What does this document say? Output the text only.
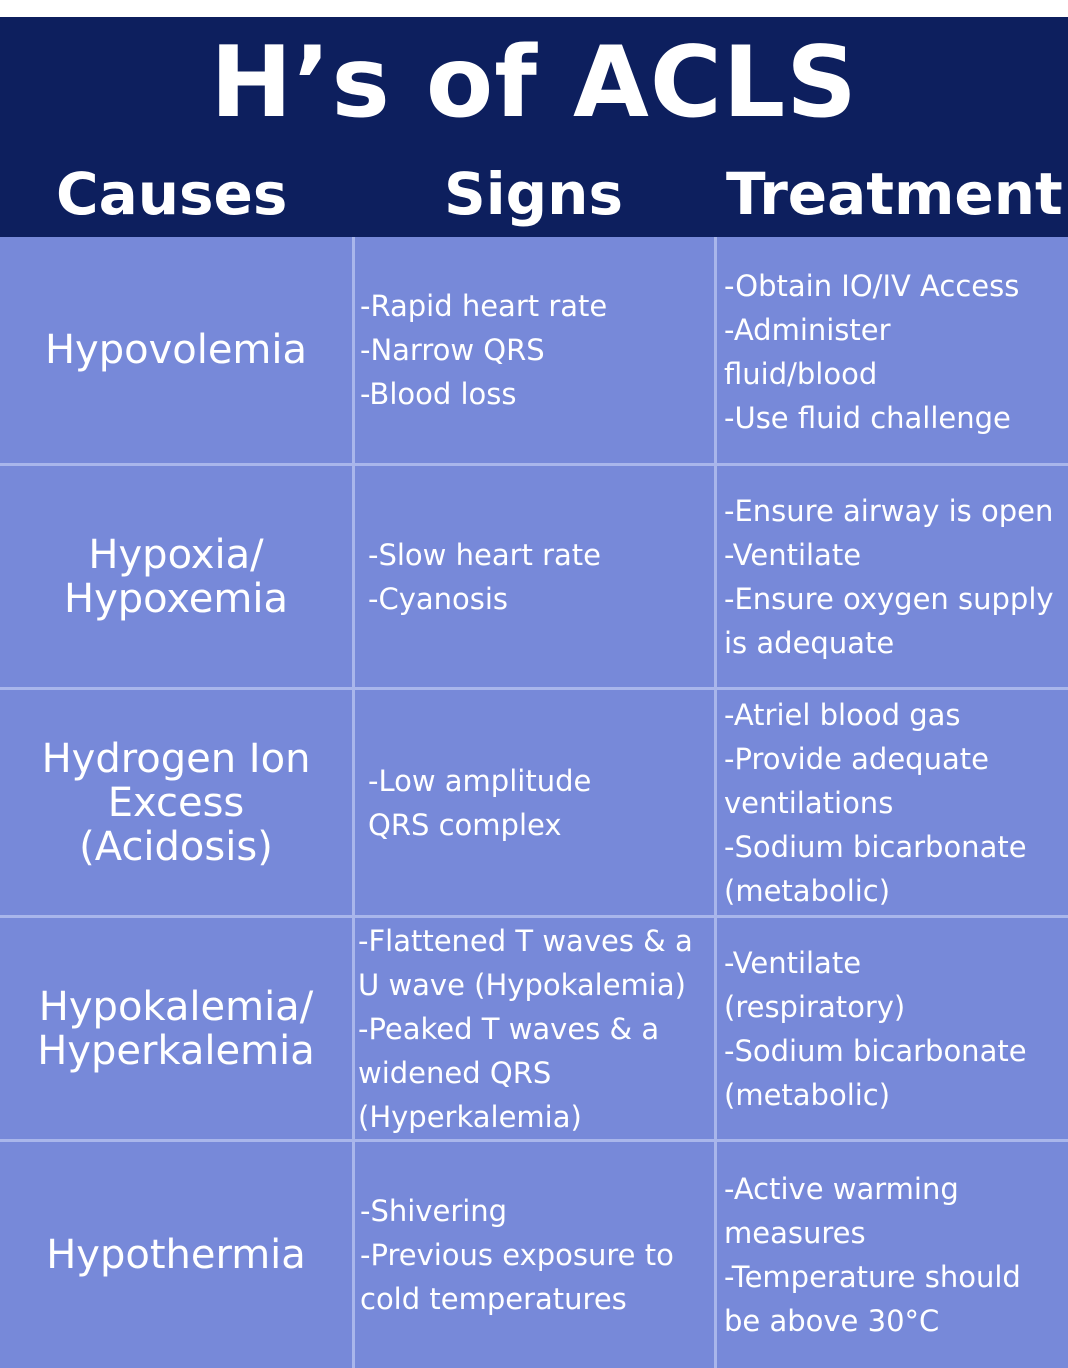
H’s of ACLS
Causes	Signs Treatment
Hypovolemia
-Rapid heart rate
-Narrow QRS
-Blood loss
-Obtain IO/IV Access
-Administer
fluid/blood
-Use fluid challenge
Hypoxia/
Hypoxemia
-Slow heart rate
-Cyanosis
-Ensure airway is open
-Ventilate
-Ensure oxygen supply
is adequate
Hydrogen Ion
Excess
(Acidosis)
-Low amplitude
QRS complex
-Atriel blood gas
-Provide adequate
ventilations
-Sodium bicarbonate
(metabolic)
Hypokalemia/
Hyperkalemia
-Flattened T waves & a
U wave (Hypokalemia)
-Peaked T waves & a
widened QRS
(Hyperkalemia)
-Ventilate
(respiratory)
-Sodium bicarbonate
(metabolic)
Hypothermia
-Shivering
-Previous exposure to
cold temperatures
-Active warming
measures
-Temperature should
be above 30°C
